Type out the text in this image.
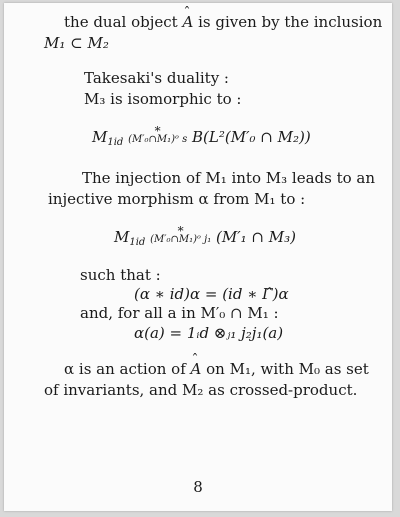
the dual object ˆ A is given by the inclusion
M₁ ⊂ M₂
Takesaki's duality :
M₃ is isomorphic to :
$M_{1id}$
*
(M′₀∩M₁)ᵒ s B(L²(M′₀ ∩ M₂))
The injection of M₁ into M₃ leads to an
injective morphism α from M₁ to :
$M_{1id}$
*
(M′₀∩M₁)ᵒ j₁ (M′₁ ∩ M₃)
such that :
(α ∗ id)α = (id ∗ Γ̂)α
and, for all a in M′₀ ∩ M₁ :
α(a) = 1ᵢd ⊗ⱼ₁ j₂j₁(a)
α is an action of ˆ A on M₁, with M₀ as set
of invariants, and M₂ as crossed-product.
8
